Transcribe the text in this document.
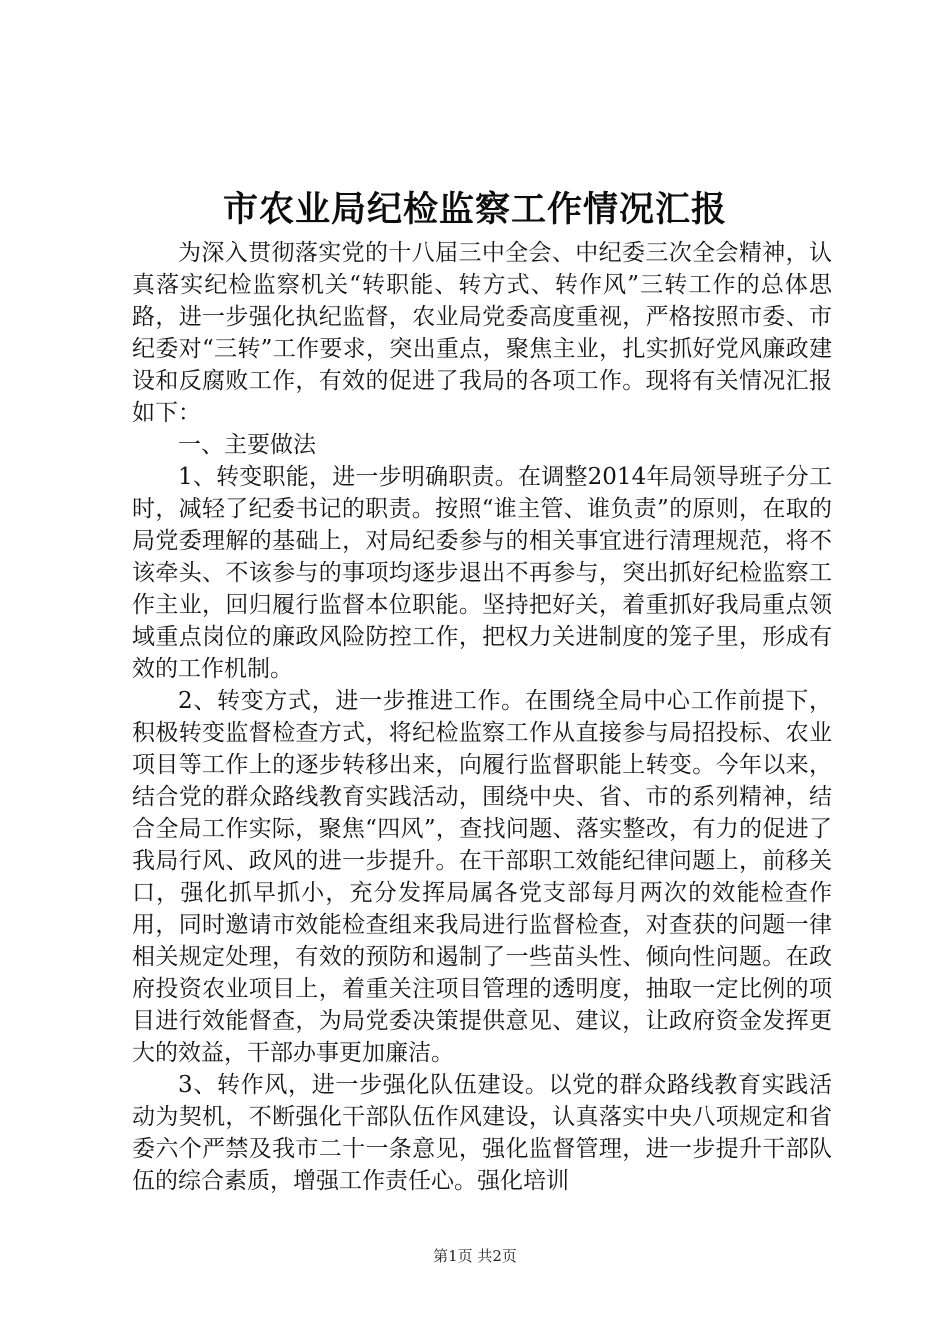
市农业局纪检监察工作情况汇报

为深入贯彻落实党的十八届三中全会、中纪委三次全会精神，认真落实纪检监察机关“转职能、转方式、转作风”三转工作的总体思路，进一步强化执纪监督，农业局党委高度重视，严格按照市委、市纪委对“三转”工作要求，突出重点，聚焦主业，扎实抓好党风廉政建设和反腐败工作，有效的促进了我局的各项工作。现将有关情况汇报如下：

一、主要做法

1、转变职能，进一步明确职责。在调整2014年局领导班子分工时，减轻了纪委书记的职责。按照“谁主管、谁负责”的原则，在取的局党委理解的基础上，对局纪委参与的相关事宜进行清理规范，将不该牵头、不该参与的事项均逐步退出不再参与，突出抓好纪检监察工作主业，回归履行监督本位职能。坚持把好关，着重抓好我局重点领域重点岗位的廉政风险防控工作，把权力关进制度的笼子里，形成有效的工作机制。

2、转变方式，进一步推进工作。在围绕全局中心工作前提下，积极转变监督检查方式，将纪检监察工作从直接参与局招投标、农业项目等工作上的逐步转移出来，向履行监督职能上转变。今年以来，结合党的群众路线教育实践活动，围绕中央、省、市的系列精神，结合全局工作实际，聚焦“四风”，查找问题、落实整改，有力的促进了我局行风、政风的进一步提升。在干部职工效能纪律问题上，前移关口，强化抓早抓小，充分发挥局属各党支部每月两次的效能检查作用，同时邀请市效能检查组来我局进行监督检查，对查获的问题一律相关规定处理，有效的预防和遏制了一些苗头性、倾向性问题。在政府投资农业项目上，着重关注项目管理的透明度，抽取一定比例的项目进行效能督查，为局党委决策提供意见、建议，让政府资金发挥更大的效益，干部办事更加廉洁。

3、转作风，进一步强化队伍建设。以党的群众路线教育实践活动为契机，不断强化干部队伍作风建设，认真落实中央八项规定和省委六个严禁及我市二十一条意见，强化监督管理，进一步提升干部队伍的综合素质，增强工作责任心。强化培训

第1页 共2页
